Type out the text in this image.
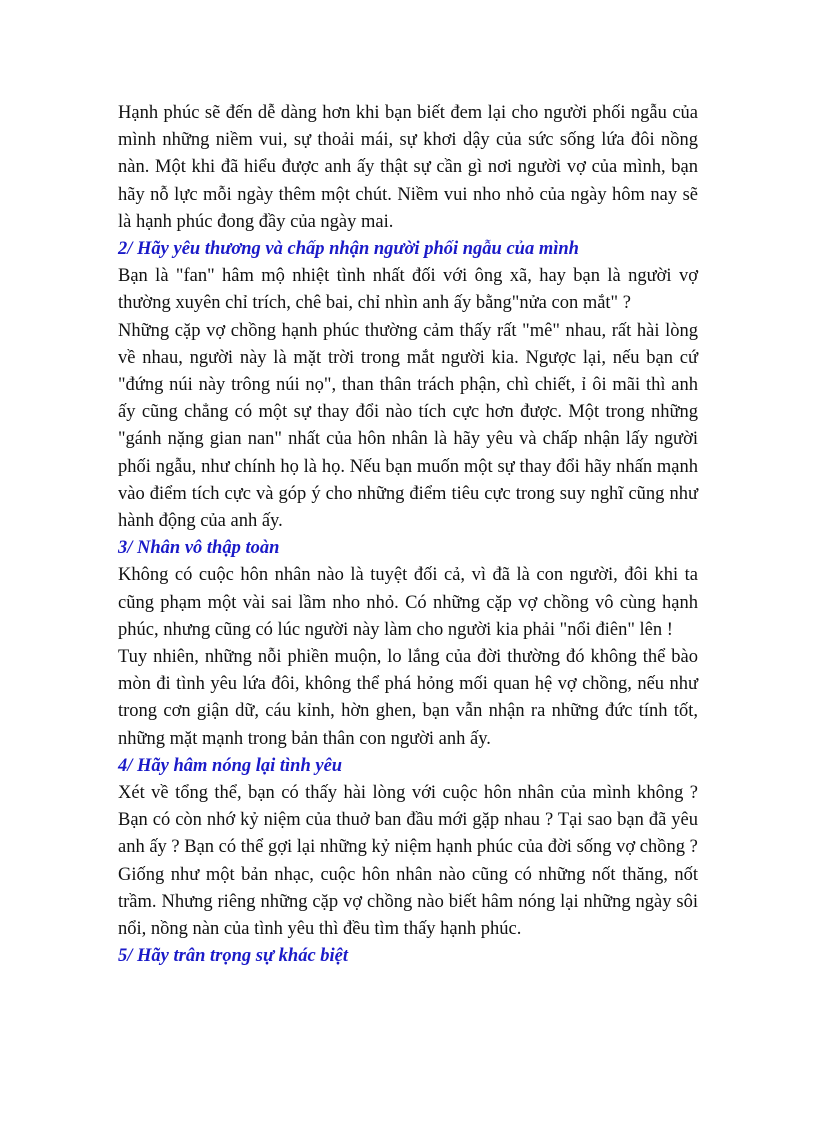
Hạnh phúc sẽ đến dễ dàng hơn khi bạn biết đem lại cho người phối ngẫu của mình những niềm vui, sự thoải mái, sự khơi dậy của sức sống lứa đôi nồng nàn. Một khi đã hiểu được anh ấy thật sự cần gì nơi người vợ của mình, bạn hãy nỗ lực mỗi ngày thêm một chút. Niềm vui nho nhỏ của ngày hôm nay sẽ là hạnh phúc đong đầy của ngày mai.

2/ Hãy yêu thương và chấp nhận người phối ngẫu của mình

Bạn là "fan" hâm mộ nhiệt tình nhất đối với ông xã, hay bạn là người vợ thường xuyên chỉ trích, chê bai, chỉ nhìn anh ấy bằng"nửa con mắt" ?

Những cặp vợ chồng hạnh phúc thường cảm thấy rất "mê" nhau, rất hài lòng về nhau, người này là mặt trời trong mắt người kia. Ngược lại, nếu bạn cứ "đứng núi này trông núi nọ", than thân trách phận, chì chiết, ỉ ôi mãi thì anh ấy cũng chẳng có một sự thay đổi nào tích cực hơn được. Một trong những "gánh nặng gian nan" nhất của hôn nhân là hãy yêu và chấp nhận lấy người phối ngẫu, như chính họ là họ. Nếu bạn muốn một sự thay đổi hãy nhấn mạnh vào điểm tích cực và góp ý cho những điểm tiêu cực trong suy nghĩ cũng như hành động của anh ấy.

3/ Nhân vô thập toàn

Không có cuộc hôn nhân nào là tuyệt đối cả, vì đã là con người, đôi khi ta cũng phạm một vài sai lầm nho nhỏ. Có những cặp vợ chồng vô cùng hạnh phúc, nhưng cũng có lúc người này làm cho người kia phải "nổi điên" lên !

Tuy nhiên, những nỗi phiền muộn, lo lắng của đời thường đó không thể bào mòn đi tình yêu lứa đôi, không thể phá hỏng mối quan hệ vợ chồng, nếu như trong cơn giận dữ, cáu kỉnh, hờn ghen, bạn vẫn nhận ra những đức tính tốt, những mặt mạnh trong bản thân con người anh ấy.

4/ Hãy hâm nóng lại tình yêu

Xét về tổng thể, bạn có thấy hài lòng với cuộc hôn nhân của mình không ? Bạn có còn nhớ kỷ niệm của thuở ban đầu mới gặp nhau ? Tại sao bạn đã yêu anh ấy ? Bạn có thể gợi lại những kỷ niệm hạnh phúc của đời sống vợ chồng ?

Giống như một bản nhạc, cuộc hôn nhân nào cũng có những nốt thăng, nốt trầm. Nhưng riêng những cặp vợ chồng nào biết hâm nóng lại những ngày sôi nổi, nồng nàn của tình yêu thì đều tìm thấy hạnh phúc.

5/ Hãy trân trọng sự khác biệt
